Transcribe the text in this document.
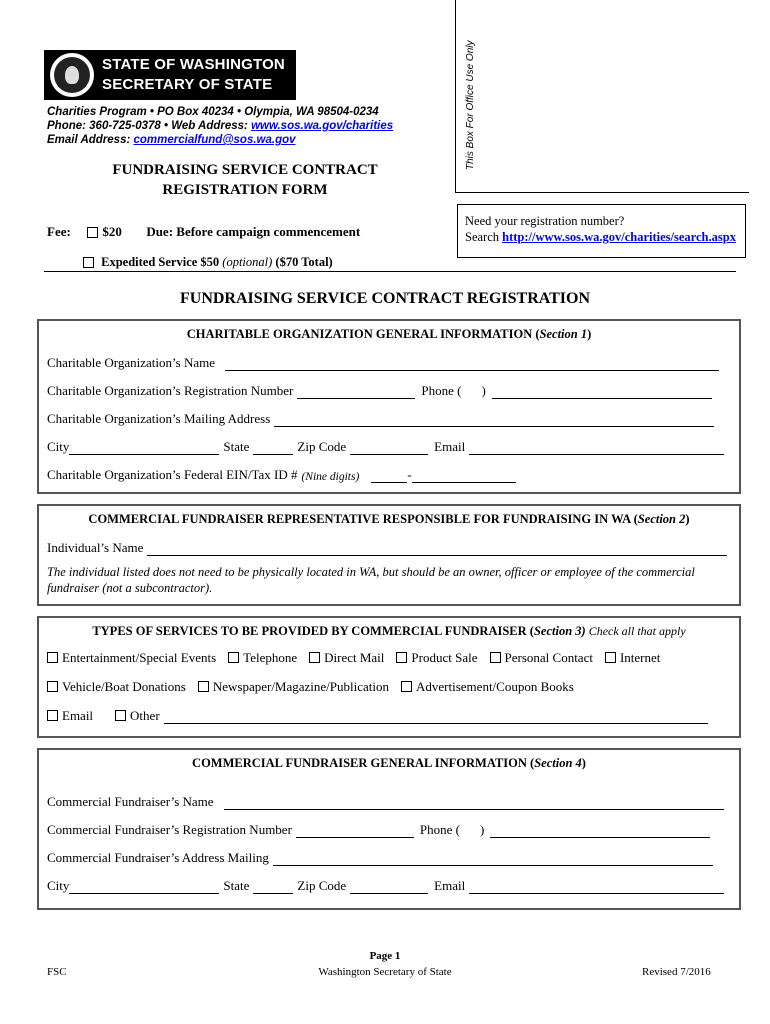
STATE OF WASHINGTON
SECRETARY OF STATE
Charities Program • PO Box 40234 • Olympia, WA 98504-0234
Phone: 360-725-0378 • Web Address: www.sos.wa.gov/charities
Email Address: commercialfund@sos.wa.gov	This Box For Office Use Only
FUNDRAISING SERVICE CONTRACT
REGISTRATION FORM
Need your registration number?
Search http://www.sos.wa.gov/charities/search.aspx
Fee: $20 Due: Before campaign commencement
Expedited Service $50 (optional) ($70 Total)
FUNDRAISING SERVICE CONTRACT REGISTRATION
CHARITABLE ORGANIZATION GENERAL INFORMATION (Section 1)
Charitable Organization’s Name
Charitable Organization’s Registration Number	Phone ( )
Charitable Organization’s Mailing Address
City	State	Zip Code	Email
Charitable Organization’s Federal EIN/Tax ID # (Nine digits)	-
COMMERCIAL FUNDRAISER REPRESENTATIVE RESPONSIBLE FOR FUNDRAISING IN WA (Section 2)
Individual’s Name
The individual listed does not need to be physically located in WA, but should be an owner, officer or employee of the commercial fundraiser (not a subcontractor).
TYPES OF SERVICES TO BE PROVIDED BY COMMERCIAL FUNDRAISER (Section 3) Check all that apply
Entertainment/Special Events Telephone Direct Mail Product Sale Personal Contact Internet
Vehicle/Boat Donations Newspaper/Magazine/Publication Advertisement/Coupon Books
Email	Other
COMMERCIAL FUNDRAISER GENERAL INFORMATION (Section 4)
Commercial Fundraiser’s Name
Commercial Fundraiser’s Registration Number	Phone ( )
Commercial Fundraiser’s Address Mailing
City	State	Zip Code	Email
Page 1
FSC	Washington Secretary of State	Revised 7/2016
